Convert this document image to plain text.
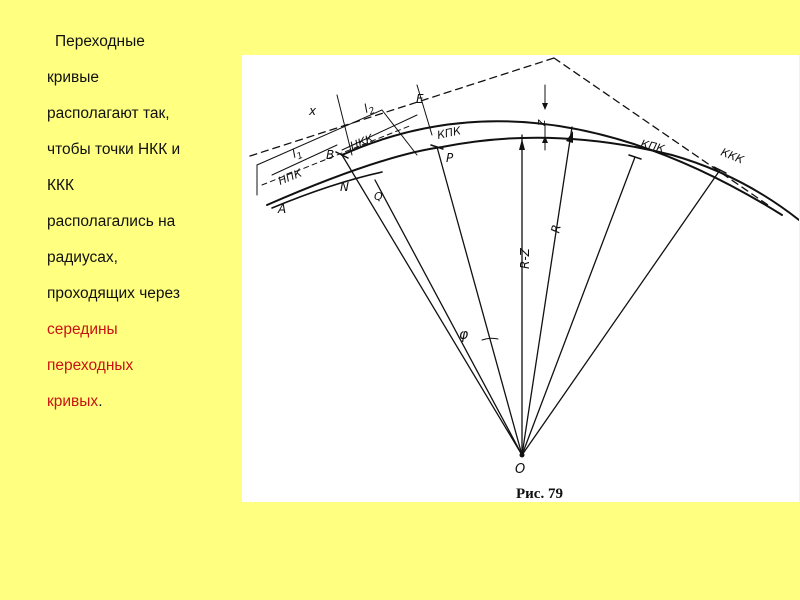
Переходные
кривые
располагают так,
чтобы точки НКК и
ККК
располагались на
радиусах,
проходящих через
середины
переходных
кривых.
x
$l_1$
$l_2$
E
НПК
НКК	КПК
КПК	ККК
A
B
N
Q
P
z
R-Z
R
φ
O
Рис. 79
